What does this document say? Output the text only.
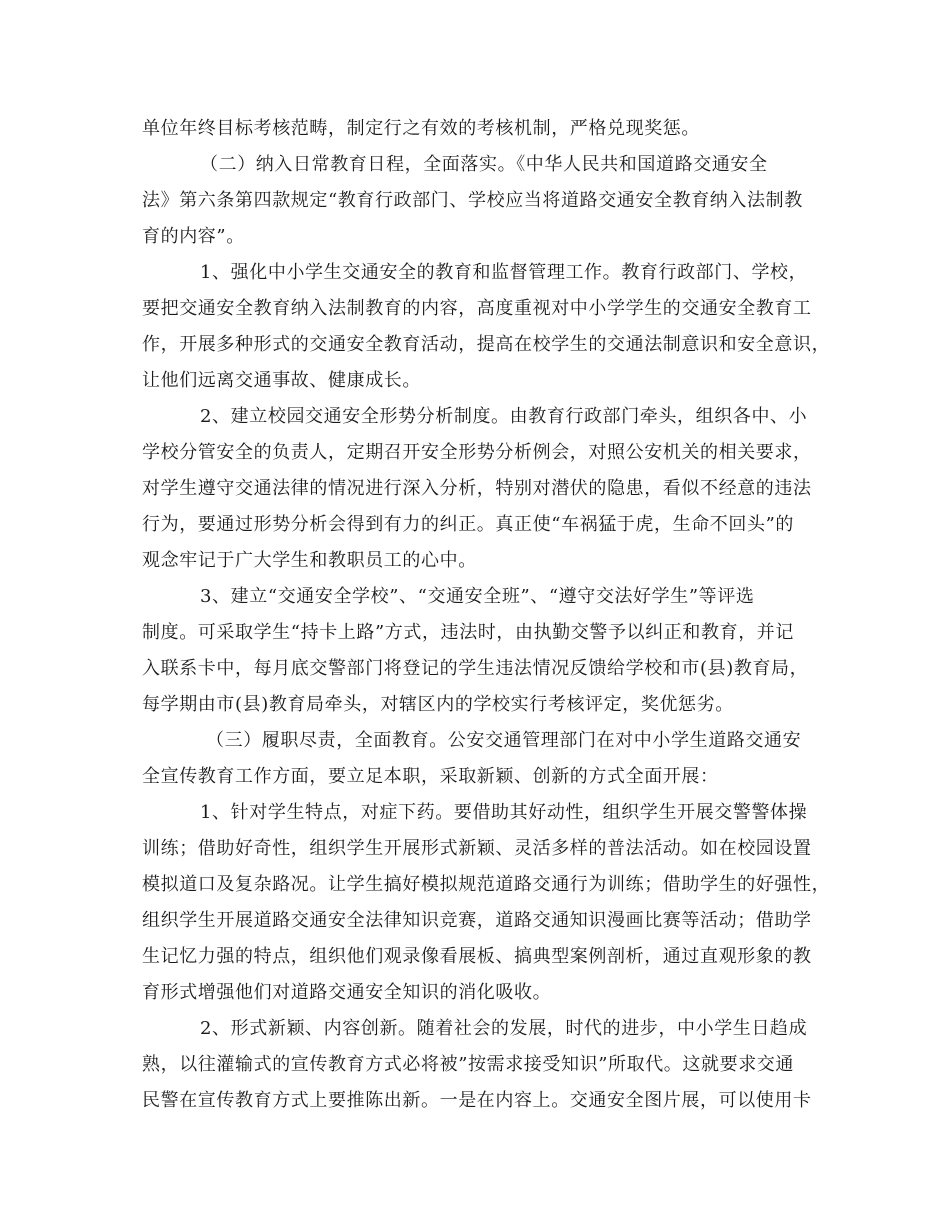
单位年终目标考核范畴，制定行之有效的考核机制，严格兑现奖惩。
（二）纳入日常教育日程，全面落实。《中华人民共和国道路交通安全
法》第六条第四款规定“教育行政部门、学校应当将道路交通安全教育纳入法制教
育的内容”。
1、强化中小学生交通安全的教育和监督管理工作。教育行政部门、学校，
要把交通安全教育纳入法制教育的内容，高度重视对中小学学生的交通安全教育工
作，开展多种形式的交通安全教育活动，提高在校学生的交通法制意识和安全意识，
让他们远离交通事故、健康成长。
2、建立校园交通安全形势分析制度。由教育行政部门牵头，组织各中、小
学校分管安全的负责人，定期召开安全形势分析例会，对照公安机关的相关要求，
对学生遵守交通法律的情况进行深入分析，特别对潜伏的隐患，看似不经意的违法
行为，要通过形势分析会得到有力的纠正。真正使“车祸猛于虎，生命不回头”的
观念牢记于广大学生和教职员工的心中。
3、建立“交通安全学校”、“交通安全班”、“遵守交法好学生”等评选
制度。可采取学生“持卡上路”方式，违法时，由执勤交警予以纠正和教育，并记
入联系卡中，每月底交警部门将登记的学生违法情况反馈给学校和市(县)教育局，
每学期由市(县)教育局牵头，对辖区内的学校实行考核评定，奖优惩劣。
（三）履职尽责，全面教育。公安交通管理部门在对中小学生道路交通安
全宣传教育工作方面，要立足本职，采取新颖、创新的方式全面开展：
1、针对学生特点，对症下药。要借助其好动性，组织学生开展交警警体操
训练；借助好奇性，组织学生开展形式新颖、灵活多样的普法活动。如在校园设置
模拟道口及复杂路况。让学生搞好模拟规范道路交通行为训练；借助学生的好强性，
组织学生开展道路交通安全法律知识竞赛，道路交通知识漫画比赛等活动；借助学
生记忆力强的特点，组织他们观录像看展板、搞典型案例剖析，通过直观形象的教
育形式增强他们对道路交通安全知识的消化吸收。
2、形式新颖、内容创新。随着社会的发展，时代的进步，中小学生日趋成
熟，以往灌输式的宣传教育方式必将被”按需求接受知识”所取代。这就要求交通
民警在宣传教育方式上要推陈出新。一是在内容上。交通安全图片展，可以使用卡
